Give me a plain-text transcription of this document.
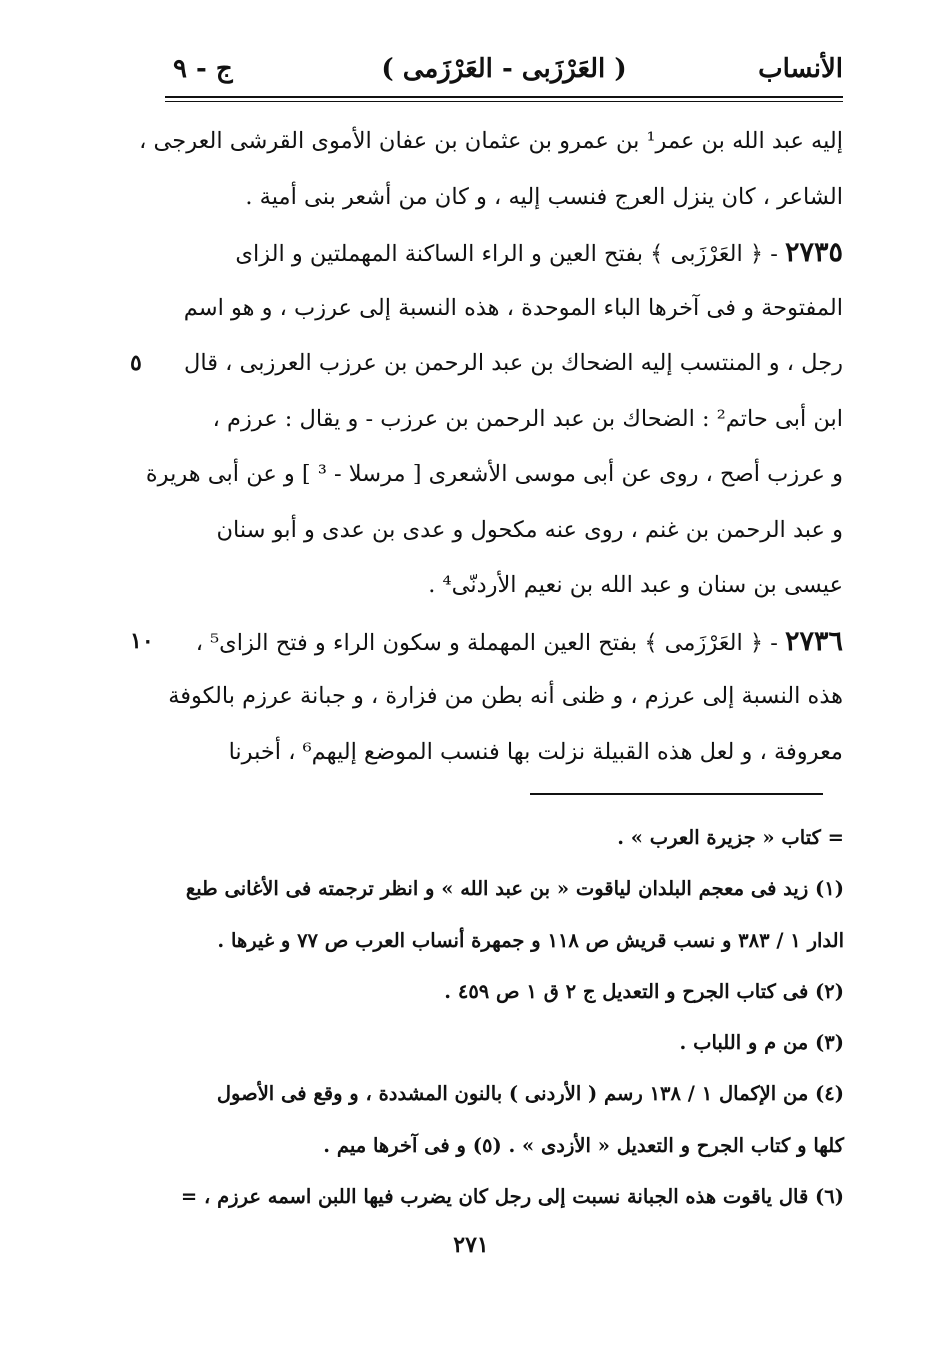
ج - ٩	( العَرْزَبى - العَرْزَمى )	الأنساب
إليه عبد الله بن عمر¹ بن عمرو بن عثمان بن عفان الأموى القرشى العرجى ،
الشاعر ، كان ينزل العرج فنسب إليه ، و كان من أشعر بنى أمية .
٢٧٣٥ - ﴿ العَرْزَبى ﴾ بفتح العين و الراء الساكنة المهملتين و الزاى
المفتوحة و فى آخرها الباء الموحدة ، هذه النسبة إلى عرزب ، و هو اسم
رجل ، و المنتسب إليه الضحاك بن عبد الرحمن بن عرزب العرزبى ، قال
٥
ابن أبى حاتم² : الضحاك بن عبد الرحمن بن عرزب - و يقال : عرزم ،
و عرزب أصح ، روى عن أبى موسى الأشعرى [ مرسلا - ³ ] و عن أبى هريرة
و عبد الرحمن بن غنم ، روى عنه مكحول و عدى بن عدى و أبو سنان
عيسى بن سنان و عبد الله بن نعيم الأردنّى⁴ .
٢٧٣٦ - ﴿ العَرْزَمى ﴾ بفتح العين المهملة و سكون الراء و فتح الزاى⁵ ،
١٠
هذه النسبة إلى عرزم ، و ظنى أنه بطن من فزارة ، و جبانة عرزم بالكوفة
معروفة ، و لعل هذه القبيلة نزلت بها فنسب الموضع إليهم⁶ ، أخبرنا
= كتاب « جزيرة العرب » .
(١) زيد فى معجم البلدان لياقوت « بن عبد الله » و انظر ترجمته فى الأغانى طبع
الدار ١ / ٣٨٣ و نسب قريش ص ١١٨ و جمهرة أنساب العرب ص ٧٧ و غيرها .
(٢) فى كتاب الجرح و التعديل ج ٢ ق ١ ص ٤٥٩ .
(٣) من م و اللباب .
(٤) من الإكمال ١ / ١٣٨ رسم ( الأردنى ) بالنون المشددة ، و وقع فى الأصول
كلها و كتاب الجرح و التعديل « الأزدى » . (٥) و فى آخرها ميم .
(٦) قال ياقوت هذه الجبانة نسبت إلى رجل كان يضرب فيها اللبن اسمه عرزم ، =
٢٧١
